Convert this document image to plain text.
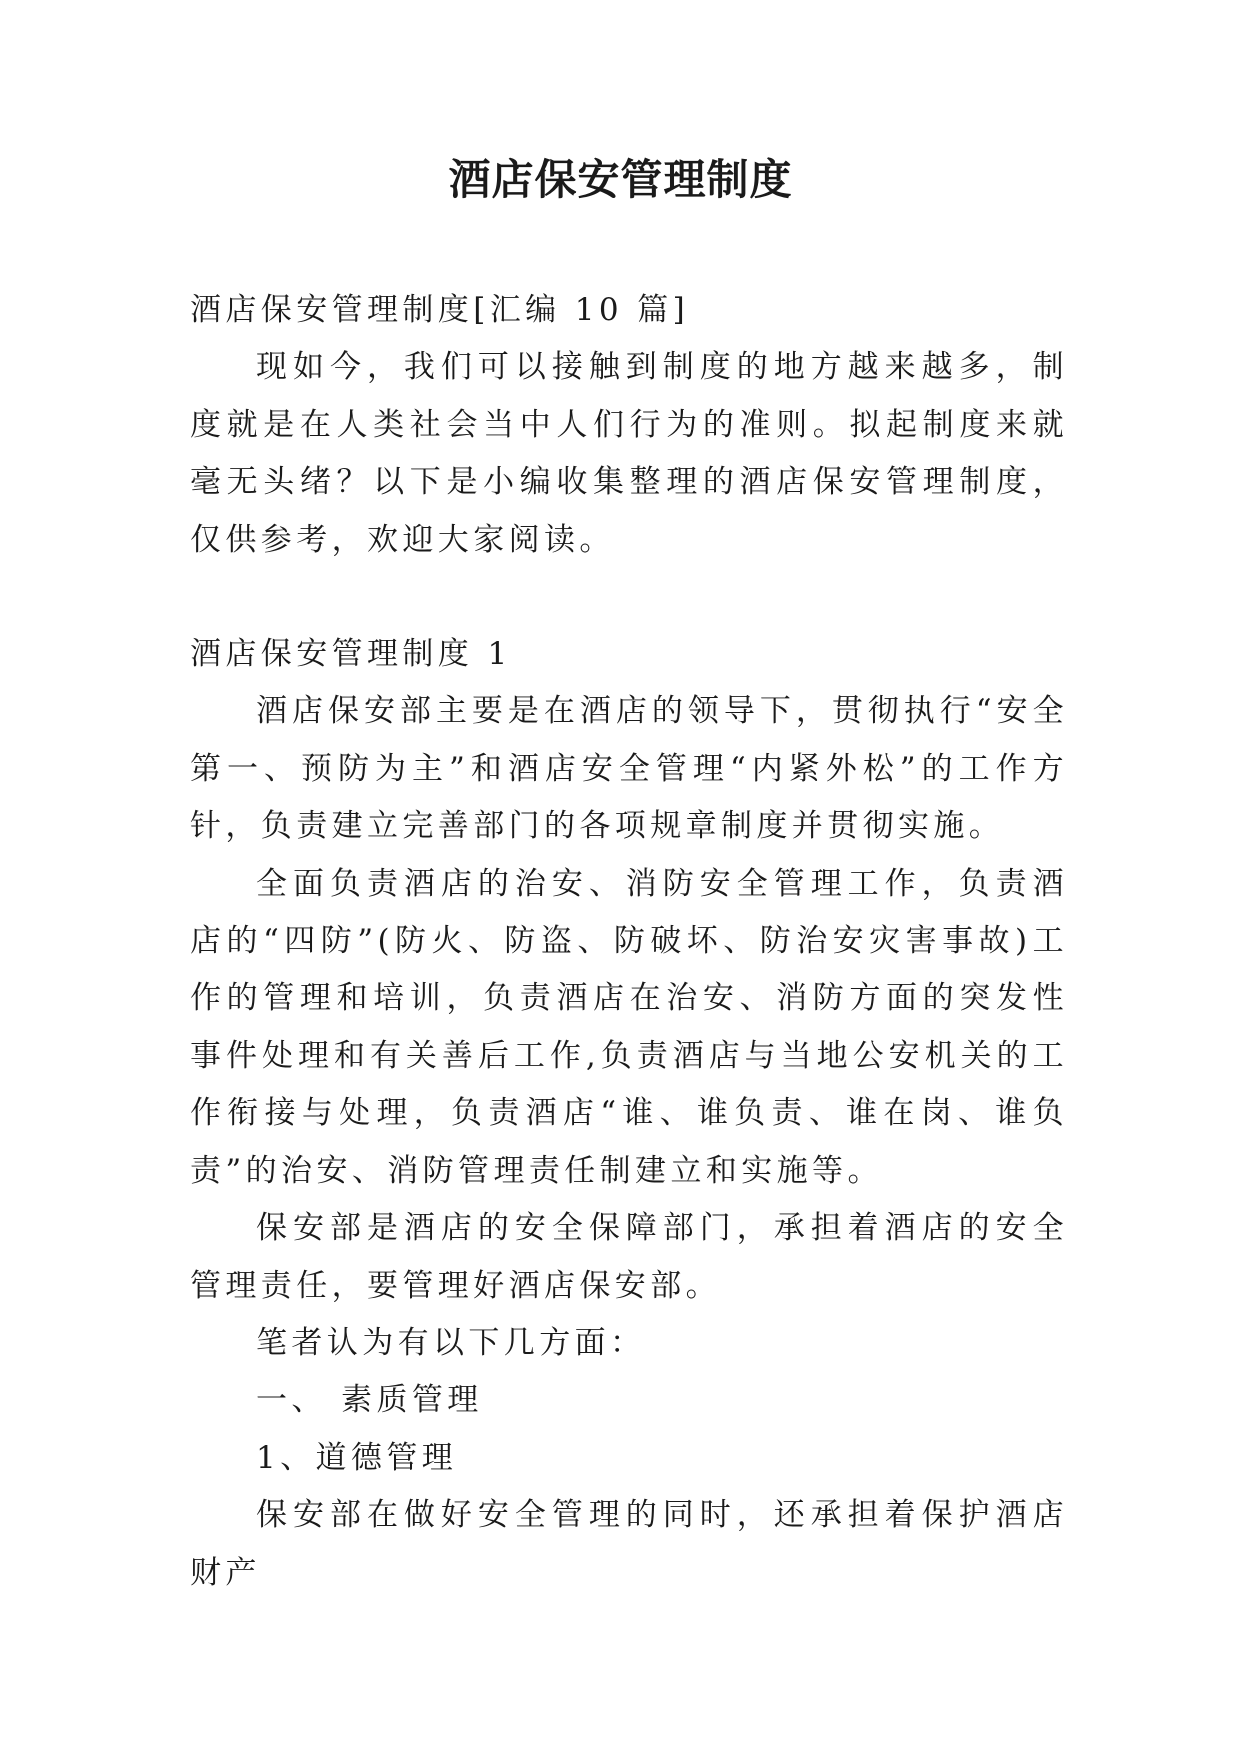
酒店保安管理制度

酒店保安管理制度[汇编 10 篇]

现如今，我们可以接触到制度的地方越来越多，制度就是在人类社会当中人们行为的准则。拟起制度来就毫无头绪？以下是小编收集整理的酒店保安管理制度，仅供参考，欢迎大家阅读。

酒店保安管理制度 1

酒店保安部主要是在酒店的领导下，贯彻执行“安全第一、预防为主”和酒店安全管理“内紧外松”的工作方针，负责建立完善部门的各项规章制度并贯彻实施。

全面负责酒店的治安、消防安全管理工作，负责酒店的“四防”(防火、防盗、防破坏、防治安灾害事故)工作的管理和培训，负责酒店在治安、消防方面的突发性事件处理和有关善后工作,负责酒店与当地公安机关的工作衔接与处理，负责酒店“谁、谁负责、谁在岗、谁负责”的治安、消防管理责任制建立和实施等。

保安部是酒店的安全保障部门，承担着酒店的安全管理责任，要管理好酒店保安部。

笔者认为有以下几方面：

一、 素质管理

1、道德管理

保安部在做好安全管理的同时，还承担着保护酒店财产
